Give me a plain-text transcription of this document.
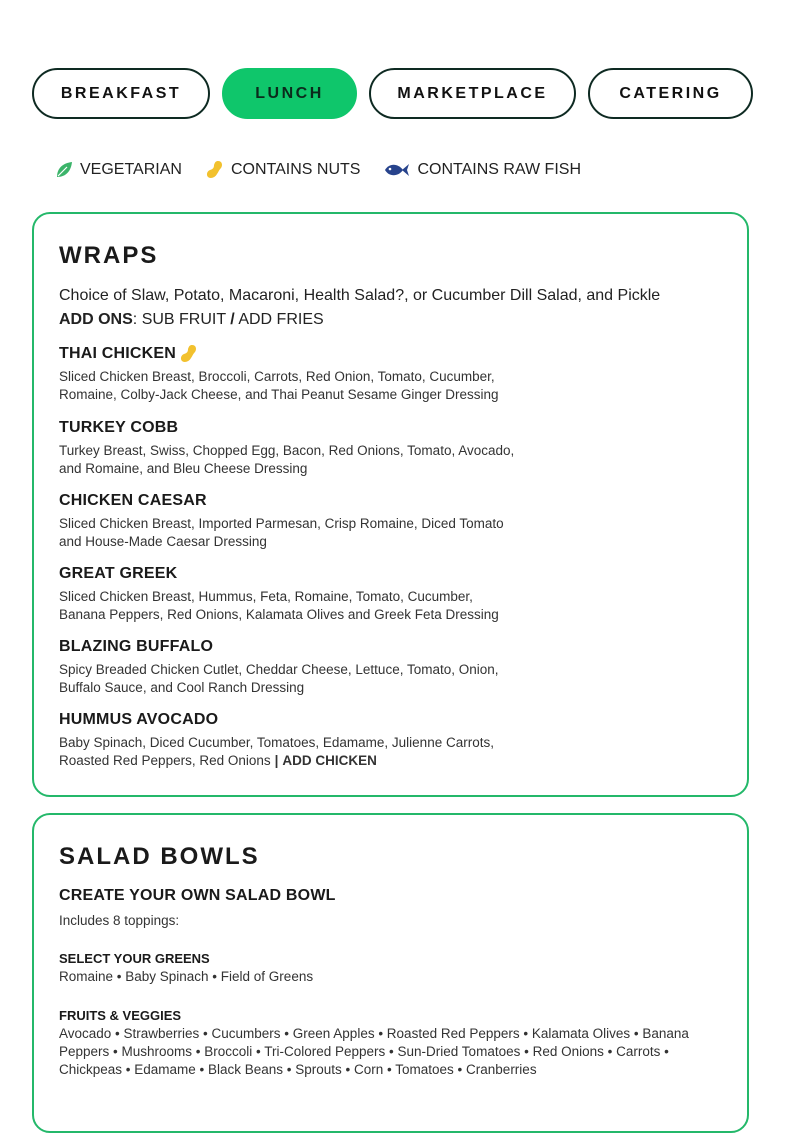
BREAKFAST	LUNCH	MARKETPLACE	CATERING
VEGETARIAN	CONTAINS NUTS	CONTAINS RAW FISH
WRAPS
Choice of Slaw, Potato, Macaroni, Health Salad?, or Cucumber Dill Salad, and Pickle
ADD ONS: SUB FRUIT / ADD FRIES
THAI CHICKEN
Sliced Chicken Breast, Broccoli, Carrots, Red Onion, Tomato, Cucumber,
Romaine, Colby-Jack Cheese, and Thai Peanut Sesame Ginger Dressing
TURKEY COBB
Turkey Breast, Swiss, Chopped Egg, Bacon, Red Onions, Tomato, Avocado,
and Romaine, and Bleu Cheese Dressing
CHICKEN CAESAR
Sliced Chicken Breast, Imported Parmesan, Crisp Romaine, Diced Tomato
and House-Made Caesar Dressing
GREAT GREEK
Sliced Chicken Breast, Hummus, Feta, Romaine, Tomato, Cucumber,
Banana Peppers, Red Onions, Kalamata Olives and Greek Feta Dressing
BLAZING BUFFALO
Spicy Breaded Chicken Cutlet, Cheddar Cheese, Lettuce, Tomato, Onion,
Buffalo Sauce, and Cool Ranch Dressing
HUMMUS AVOCADO
Baby Spinach, Diced Cucumber, Tomatoes, Edamame, Julienne Carrots,
Roasted Red Peppers, Red Onions | ADD CHICKEN
SALAD BOWLS
CREATE YOUR OWN SALAD BOWL
Includes 8 toppings:
SELECT YOUR GREENS
Romaine • Baby Spinach • Field of Greens
FRUITS & VEGGIES
Avocado • Strawberries • Cucumbers • Green Apples • Roasted Red Peppers • Kalamata Olives • Banana
Peppers • Mushrooms • Broccoli • Tri-Colored Peppers • Sun-Dried Tomatoes • Red Onions • Carrots •
Chickpeas • Edamame • Black Beans • Sprouts • Corn • Tomatoes • Cranberries
